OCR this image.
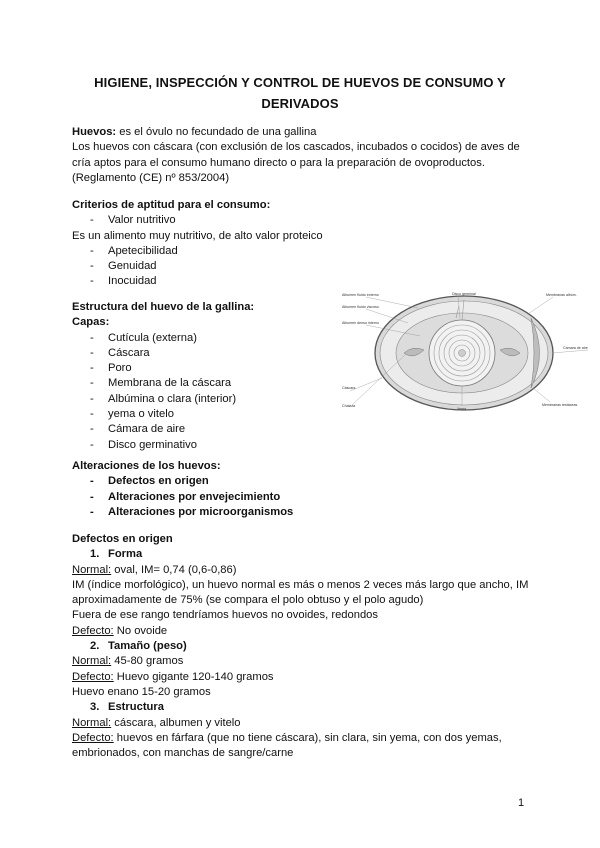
HIGIENE, INSPECCIÓN Y CONTROL DE HUEVOS DE CONSUMO Y DERIVADOS
Huevos: es el óvulo no fecundado de una gallina
Los huevos con cáscara (con exclusión de los cascados, incubados o cocidos) de aves de cría aptos para el consumo humano directo o para la preparación de ovoproductos. (Reglamento (CE) nº 853/2004)
Criterios de aptitud para el consumo:
- Valor nutritivo
Es un alimento muy nutritivo, de alto valor proteico
- Apetecibilidad
- Genuidad
- Inocuidad
Estructura del huevo de la gallina:
Capas:
- Cutícula (externa)
- Cáscara
- Poro
- Membrana de la cáscara
- Albúmina o clara (interior)
- yema o vitelo
- Cámara de aire
- Disco germinativo
Albumen fluido externo
Albumen fluido viscoso
Albumen denso interno
Disco germinal	Membranas albúm.
Cámara de aire
Cáscara
Chalaza
Yema
Membranas testáceas
Alteraciones de los huevos:
- Defectos en origen
- Alteraciones por envejecimiento
- Alteraciones por microorganismos
Defectos en origen
1. Forma
Normal: oval, IM= 0,74 (0,6-0,86)
IM (índice morfológico), un huevo normal es más o menos 2 veces más largo que ancho, IM aproximadamente de 75% (se compara el polo obtuso y el polo agudo)
Fuera de ese rango tendríamos huevos no ovoides, redondos
Defecto: No ovoide
2. Tamaño (peso)
Normal: 45-80 gramos
Defecto: Huevo gigante 120-140 gramos
Huevo enano 15-20 gramos
3. Estructura
Normal: cáscara, albumen y vitelo
Defecto: huevos en fárfara (que no tiene cáscara), sin clara, sin yema, con dos yemas, embrionados, con manchas de sangre/carne
1
